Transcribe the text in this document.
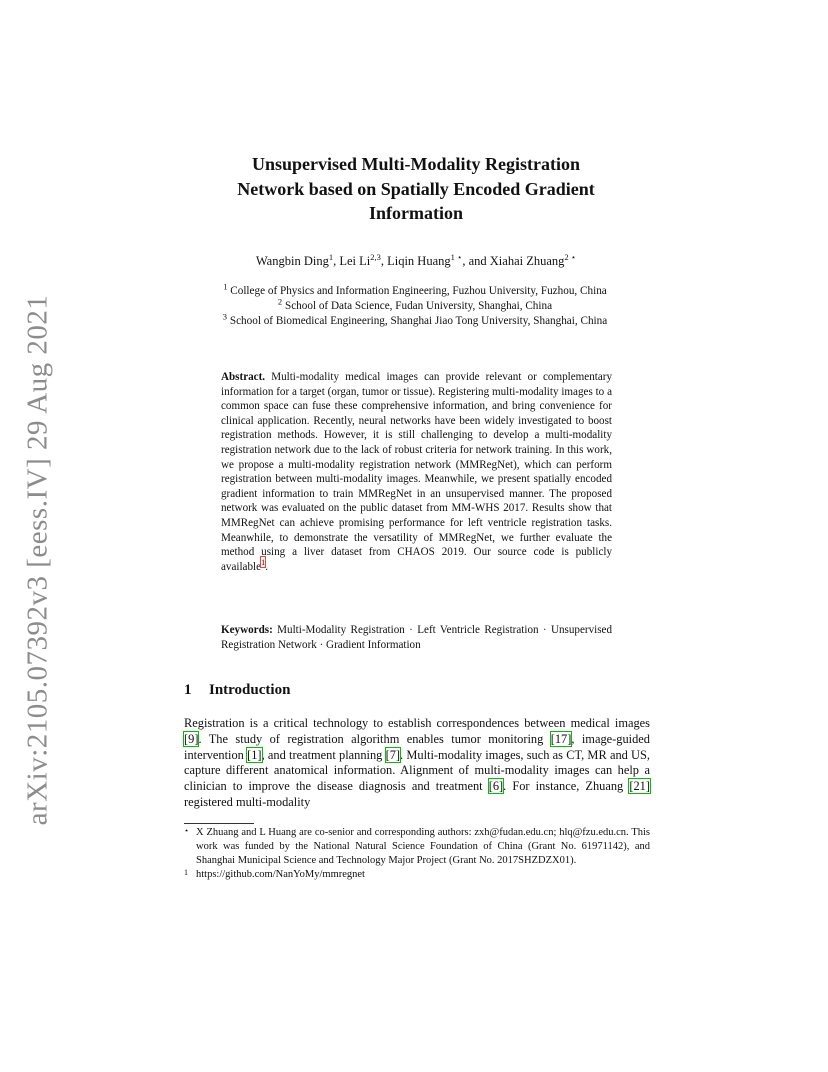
arXiv:2105.07392v3 [eess.IV] 29 Aug 2021
Unsupervised Multi-Modality Registration
Network based on Spatially Encoded Gradient
Information
Wangbin Ding$^1$, Lei Li$^{2,3}$, Liqin Huang$^{1 ⋆}$, and Xiahai Zhuang$^{2 ⋆}$
$^1$ College of Physics and Information Engineering, Fuzhou University, Fuzhou, China
$^2$ School of Data Science, Fudan University, Shanghai, China
$^3$ School of Biomedical Engineering, Shanghai Jiao Tong University, Shanghai, China
Abstract. Multi-modality medical images can provide relevant or complementary information for a target (organ, tumor or tissue). Registering multi-modality images to a common space can fuse these comprehensive information, and bring convenience for clinical application. Recently, neural networks have been widely investigated to boost registration methods. However, it is still challenging to develop a multi-modality registration network due to the lack of robust criteria for network training. In this work, we propose a multi-modality registration network (MMRegNet), which can perform registration between multi-modality images. Meanwhile, we present spatially encoded gradient information to train MMRegNet in an unsupervised manner. The proposed network was evaluated on the public dataset from MM-WHS 2017. Results show that MMRegNet can achieve promising performance for left ventricle registration tasks. Meanwhile, to demonstrate the versatility of MMRegNet, we further evaluate the method using a liver dataset from CHAOS 2019. Our source code is publicly available$^1$.
Keywords: Multi-Modality Registration · Left Ventricle Registration · Unsupervised Registration Network · Gradient Information
1 Introduction
Registration is a critical technology to establish correspondences between medical images [9]. The study of registration algorithm enables tumor monitoring [17], image-guided intervention [1], and treatment planning [7]. Multi-modality images, such as CT, MR and US, capture different anatomical information. Alignment of multi-modality images can help a clinician to improve the disease diagnosis and treatment [6]. For instance, Zhuang [21] registered multi-modality
⋆ X Zhuang and L Huang are co-senior and corresponding authors: zxh@fudan.edu.cn; hlq@fzu.edu.cn. This work was funded by the National Natural Science Foundation of China (Grant No. 61971142), and Shanghai Municipal Science and Technology Major Project (Grant No. 2017SHZDZX01).
1 https://github.com/NanYoMy/mmregnet
